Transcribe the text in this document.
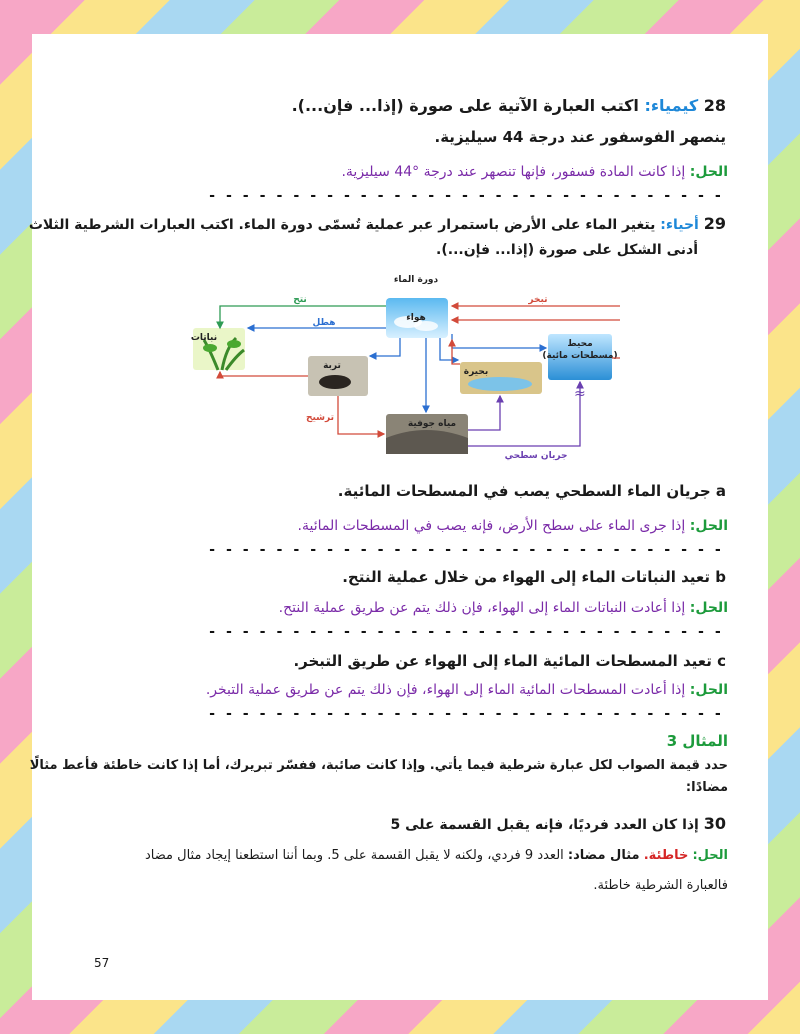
28 كيمياء: اكتب العبارة الآتية على صورة (إذا... فإن...).
ينصهر الفوسفور عند درجة 44 سيليزية.
الحل: إذا كانت المادة فسفور، فإنها تنصهر عند درجة °44 سيليزية.
- - - - - - - - - - - - - - - - - - - - - - - - - - - - - - -
29 أحياء: يتغير الماء على الأرض باستمرار عبر عملية تُسمّى دورة الماء. اكتب العبارات الشرطية الثلاث
أدنى الشكل على صورة (إذا... فإن...).
دورة الماء
هواء
نباتات
تربة
بحيرة
محيط
(مسطحات مائية)
مياه جوفية
نتح	تبخر
هطل
ترشيح
جريان سطحي
≈
a جريان الماء السطحي يصب في المسطحات المائية.
الحل: إذا جرى الماء على سطح الأرض، فإنه يصب في المسطحات المائية.
- - - - - - - - - - - - - - - - - - - - - - - - - - - - - - -
b تعيد النباتات الماء إلى الهواء من خلال عملية النتح.
الحل: إذا أعادت النباتات الماء إلى الهواء، فإن ذلك يتم عن طريق عملية النتح.
- - - - - - - - - - - - - - - - - - - - - - - - - - - - - - -
c تعيد المسطحات المائية الماء إلى الهواء عن طريق التبخر.
الحل: إذا أعادت المسطحات المائية الماء إلى الهواء، فإن ذلك يتم عن طريق عملية التبخر.
- - - - - - - - - - - - - - - - - - - - - - - - - - - - - - -
المثال 3
حدد قيمة الصواب لكل عبارة شرطية فيما يأتي. وإذا كانت صائبة، ففسّر تبريرك، أما إذا كانت خاطئة فأعط مثالًا
مضادًا:
30 إذا كان العدد فرديًا، فإنه يقبل القسمة على 5
الحل: خاطئة. مثال مضاد: العدد 9 فردي، ولكنه لا يقبل القسمة على 5. وبما أننا استطعنا إيجاد مثال مضاد
فالعبارة الشرطية خاطئة.
57
